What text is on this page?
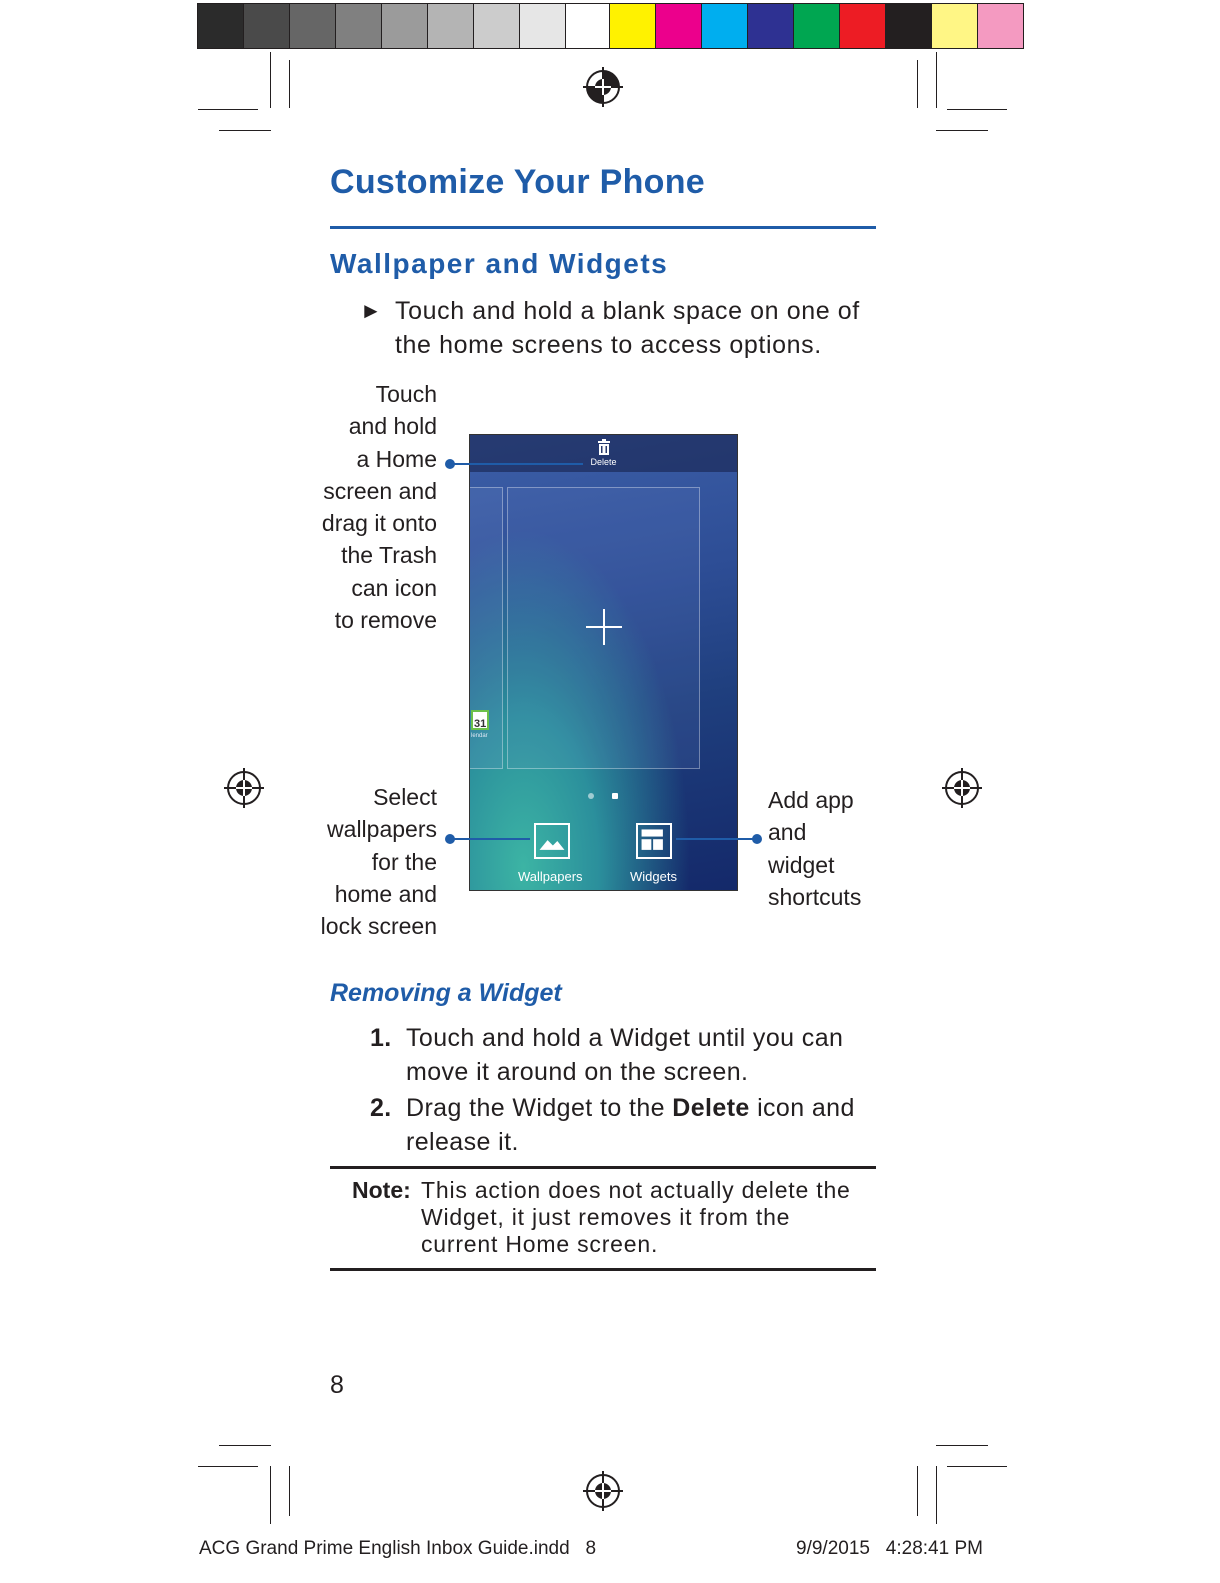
Customize Your Phone
Wallpaper and Widgets
► Touch and hold a blank space on one of the home screens to access options.
Touch
and hold
a Home
screen and
drag it onto
the Trash
can icon
to remove
Select
wallpapers
for the
home and
lock screen
Add app
and
widget
shortcuts
Delete
31
lendar
Wallpapers	Widgets
Removing a Widget
1. Touch and hold a Widget until you can move it around on the screen.
2. Drag the Widget to the Delete icon and release it.
Note: This action does not actually delete the Widget, it just removes it from the current Home screen.
8
ACG Grand Prime English Inbox Guide.indd   8	9/9/2015   4:28:41 PM
